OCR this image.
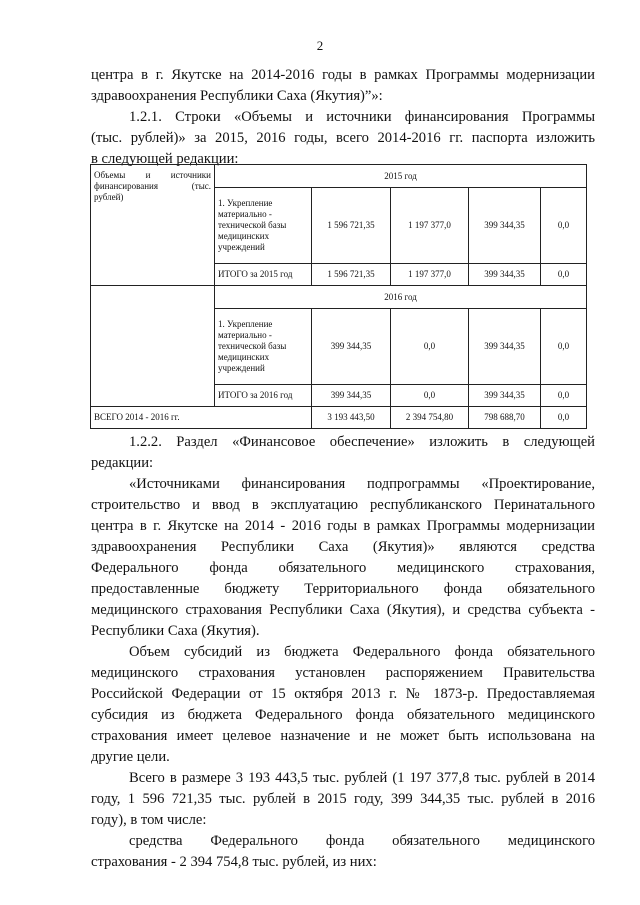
2

центра в г. Якутске на 2014-2016 годы в рамках Программы модернизации

здравоохранения Республики Саха (Якутия)”»:

1.2.1. Строки «Объемы и источники финансирования Программы

(тыс. рублей)» за 2015, 2016 годы, всего 2014-2016 гг. паспорта изложить

в следующей редакции:

Объемы и источники финансирования (тыс. рублей)	2015 год				
	1. Укрепление материально - технической базы медицинских учреждений	1 596 721,35	1 197 377,0	399 344,35	0,0
	ИТОГО за 2015 год	1 596 721,35	1 197 377,0	399 344,35	0,0
	2016 год				
	1. Укрепление материально - технической базы медицинских учреждений	399 344,35	0,0	399 344,35	0,0
	ИТОГО за 2016 год	399 344,35	0,0	399 344,35	0,0
ВСЕГО 2014 - 2016 гг.		3 193 443,50	2 394 754,80	798 688,70	0,0

1.2.2. Раздел «Финансовое обеспечение» изложить в следующей

редакции:

«Источниками финансирования подпрограммы «Проектирование,

строительство и ввод в эксплуатацию республиканского Перинатального

центра в г. Якутске на 2014 - 2016 годы в рамках Программы модернизации

здравоохранения Республики Саха (Якутия)» являются средства

Федерального фонда обязательного медицинского страхования,

предоставленные бюджету Территориального фонда обязательного

медицинского страхования Республики Саха (Якутия), и средства субъекта -

Республики Саха (Якутия).

Объем субсидий из бюджета Федерального фонда обязательного

медицинского страхования установлен распоряжением Правительства

Российской Федерации от 15 октября 2013 г. № 1873-р. Предоставляемая

субсидия из бюджета Федерального фонда обязательного медицинского

страхования имеет целевое назначение и не может быть использована на

другие цели.

Всего в размере 3 193 443,5 тыс. рублей (1 197 377,8 тыс. рублей в 2014

году, 1 596 721,35 тыс. рублей в 2015 году, 399 344,35 тыс. рублей в 2016

году), в том числе:

средства Федерального фонда обязательного медицинского

страхования - 2 394 754,8 тыс. рублей, из них:
